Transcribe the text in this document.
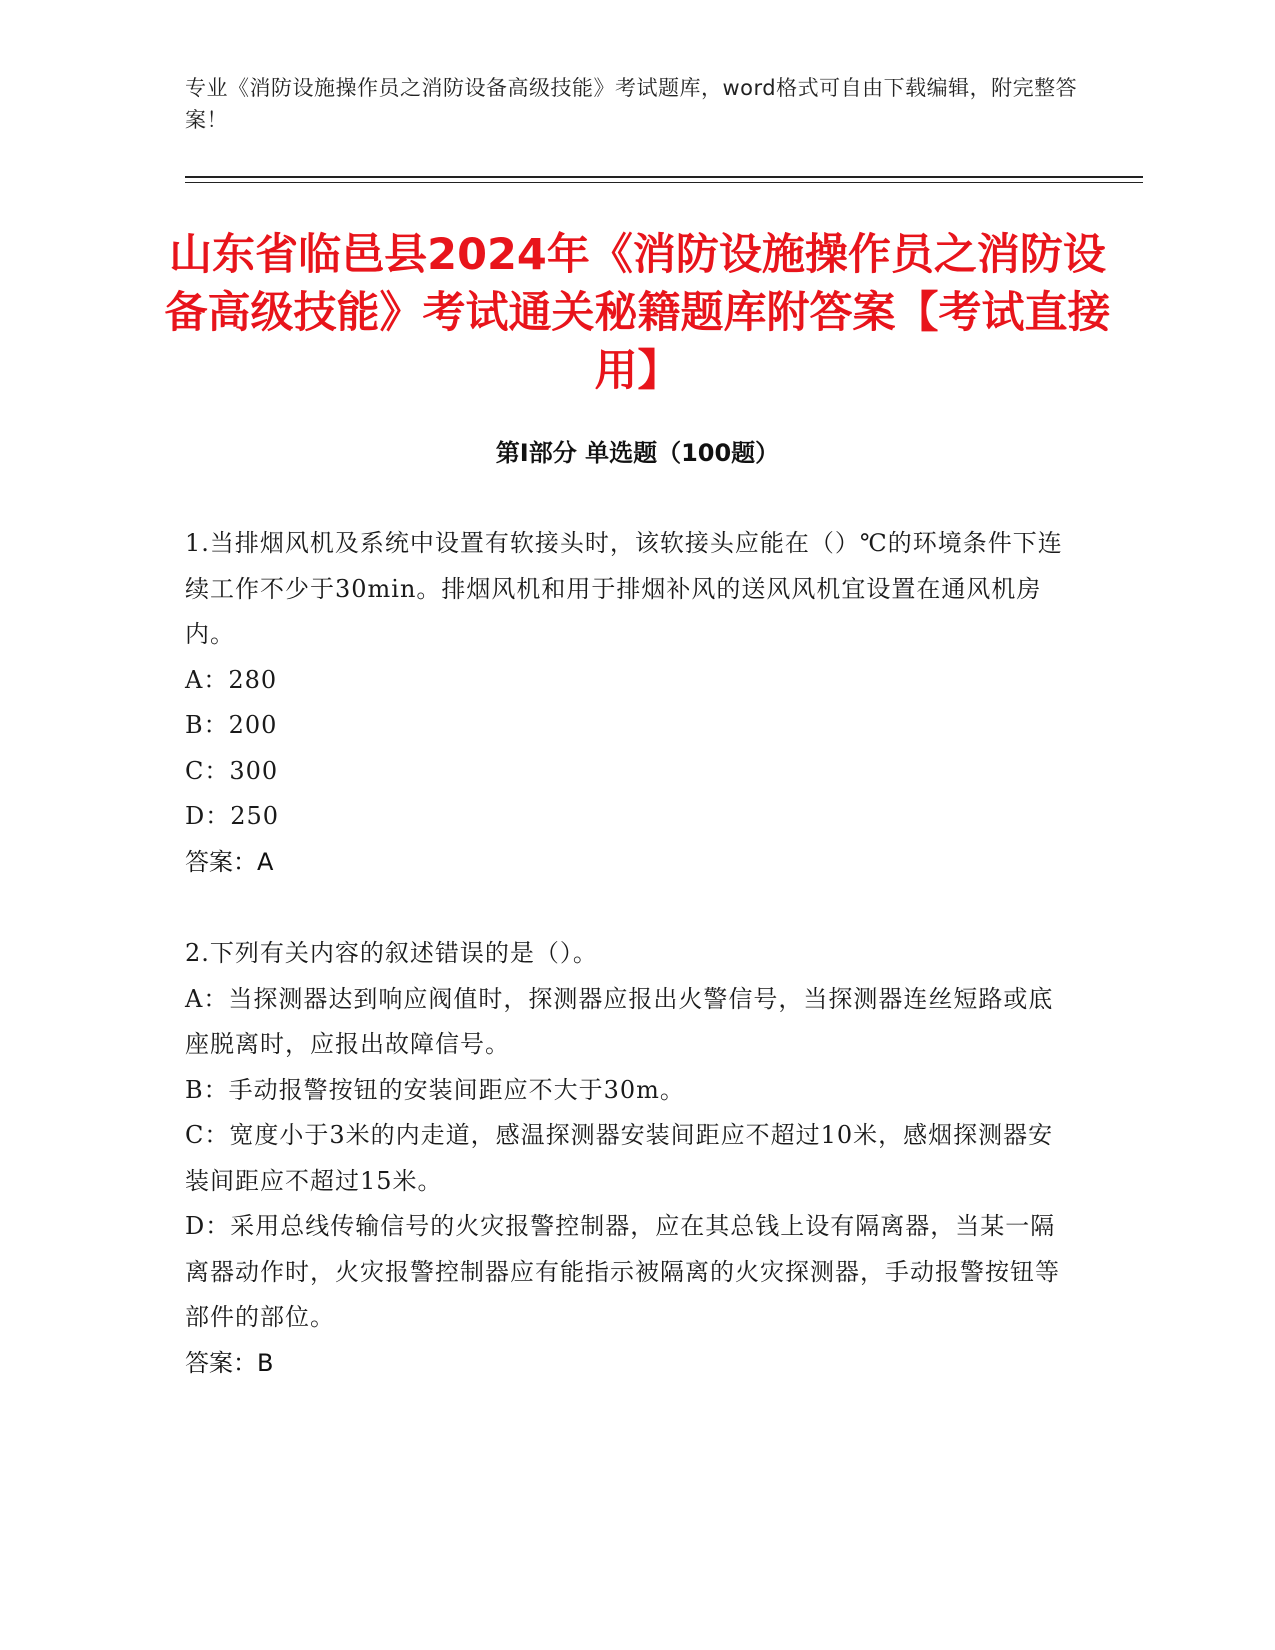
专业《消防设施操作员之消防设备高级技能》考试题库，word格式可自由下载编辑，附完整答案！
山东省临邑县2024年《消防设施操作员之消防设备高级技能》考试通关秘籍题库附答案【考试直接用】
第I部分 单选题（100题）
1.当排烟风机及系统中设置有软接头时，该软接头应能在（）℃的环境条件下连续工作不少于30min。排烟风机和用于排烟补风的送风风机宜设置在通风机房内。
A：280
B：200
C：300
D：250
答案：A
2.下列有关内容的叙述错误的是（）。
A：当探测器达到响应阀值时，探测器应报出火警信号，当探测器连丝短路或底座脱离时，应报出故障信号。
B：手动报警按钮的安装间距应不大于30m。
C：宽度小于3米的内走道，感温探测器安装间距应不超过10米，感烟探测器安装间距应不超过15米。
D：采用总线传输信号的火灾报警控制器，应在其总钱上设有隔离器，当某一隔离器动作时，火灾报警控制器应有能指示被隔离的火灾探测器，手动报警按钮等部件的部位。
答案：B
